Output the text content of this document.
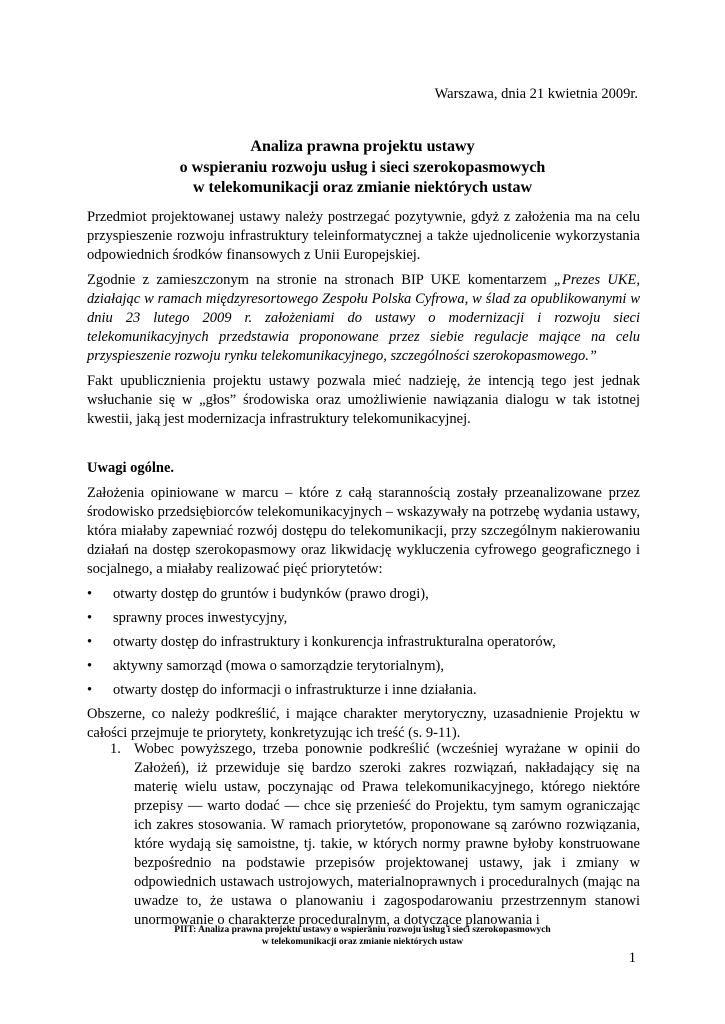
Warszawa, dnia 21 kwietnia 2009r.
Analiza prawna projektu ustawy
o wspieraniu rozwoju usług i sieci szerokopasmowych
w telekomunikacji oraz zmianie niektórych ustaw

Przedmiot projektowanej ustawy należy postrzegać pozytywnie, gdyż z założenia ma na celu przyspieszenie rozwoju infrastruktury teleinformatycznej a także ujednolicenie wykorzystania odpowiednich środków finansowych z Unii Europejskiej.

Zgodnie z zamieszczonym na stronie na stronach BIP UKE komentarzem „Prezes UKE, działając w ramach międzyresortowego Zespołu Polska Cyfrowa, w ślad za opublikowanymi w dniu 23 lutego 2009 r. założeniami do ustawy o modernizacji i rozwoju sieci telekomunikacyjnych przedstawia proponowane przez siebie regulacje mające na celu przyspieszenie rozwoju rynku telekomunikacyjnego, szczególności szerokopasmowego.”

Fakt upublicznienia projektu ustawy pozwala mieć nadzieję, że intencją tego jest jednak wsłuchanie się w „głos” środowiska oraz umożliwienie nawiązania dialogu w tak istotnej kwestii, jaką jest modernizacja infrastruktury telekomunikacyjnej.

Uwagi ogólne.

Założenia opiniowane w marcu – które z całą starannością zostały przeanalizowane przez środowisko przedsiębiorców telekomunikacyjnych – wskazywały na potrzebę wydania ustawy, która miałaby zapewniać rozwój dostępu do telekomunikacji, przy szczególnym nakierowaniu działań na dostęp szerokopasmowy oraz likwidację wykluczenia cyfrowego geograficznego i socjalnego, a miałaby realizować pięć priorytetów:

• otwarty dostęp do gruntów i budynków (prawo drogi),
• sprawny proces inwestycyjny,
• otwarty dostęp do infrastruktury i konkurencja infrastrukturalna operatorów,
• aktywny samorząd (mowa o samorządzie terytorialnym),
• otwarty dostęp do informacji o infrastrukturze i inne działania.

Obszerne, co należy podkreślić, i mające charakter merytoryczny, uzasadnienie Projektu w całości przejmuje te priorytety, konkretyzując ich treść (s. 9-11).

1. Wobec powyższego, trzeba ponownie podkreślić (wcześniej wyrażane w opinii do Założeń), iż przewiduje się bardzo szeroki zakres rozwiązań, nakładający się na materię wielu ustaw, poczynając od Prawa telekomunikacyjnego, którego niektóre przepisy — warto dodać — chce się przenieść do Projektu, tym samym ograniczając ich zakres stosowania. W ramach priorytetów, proponowane są zarówno rozwiązania, które wydają się samoistne, tj. takie, w których normy prawne byłoby konstruowane bezpośrednio na podstawie przepisów projektowanej ustawy, jak i zmiany w odpowiednich ustawach ustrojowych, materialnoprawnych i proceduralnych (mając na uwadze to, że ustawa o planowaniu i zagospodarowaniu przestrzennym stanowi unormowanie o charakterze proceduralnym, a dotyczące planowania i
PIIT: Analiza prawna projektu ustawy o wspieraniu rozwoju usług i sieci szerokopasmowych
w telekomunikacji oraz zmianie niektórych ustaw
1
